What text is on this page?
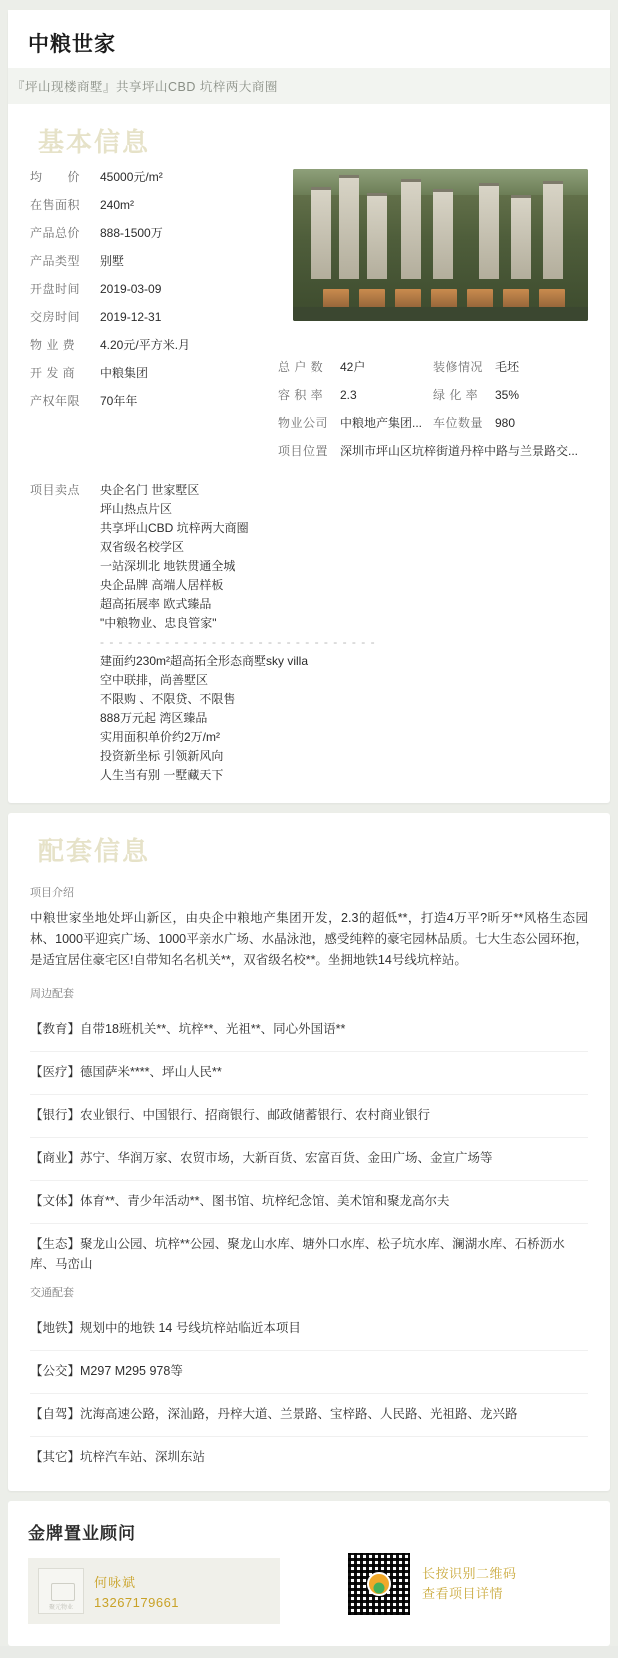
中粮世家
『坪山现楼商墅』共享坪山CBD 坑梓两大商圈
基本信息
均　　价	45000元/m²
在售面积	240m²
产品总价	888-1500万
产品类型	别墅
开盘时间	2019-03-09
交房时间	2019-12-31
物 业 费	4.20元/平方米.月
开 发 商	中粮集团
产权年限	70年年
总 户 数	42户	装修情况 毛坯
容 积 率	2.3	绿 化 率	35%
物业公司 中粮地产集团... 车位数量 980
项目位置 深圳市坪山区坑梓街道丹梓中路与兰景路交...
项目卖点	央企名门 世家墅区
坪山热点片区
共享坪山CBD 坑梓两大商圈
双省级名校学区
一站深圳北 地铁贯通全城
央企品牌 高端人居样板
超高拓展率 欧式臻品
"中粮物业、忠良管家"
- - - - - - - - - - - - - - - - - - - - - - - - - - - - - -
建面约230m²超高拓全形态商墅sky villa
空中联排，尚善墅区
不限购 、不限贷、不限售
888万元起 湾区臻品
实用面积单价约2万/m²
投资新坐标 引领新风向
人生当有别 一墅藏天下
配套信息
项目介绍
中粮世家坐地处坪山新区，由央企中粮地产集团开发，2.3的超低**，打造4万平?昕牙**风格生态园林、1000平迎宾广场、1000平亲水广场、水晶泳池，感受纯粹的豪宅园林品质。七大生态公园环抱，是适宜居住豪宅区!自带知名名机关**，双省级名校**。坐拥地铁14号线坑梓站。
周边配套
【教育】自带18班机关**、坑梓**、光祖**、同心外国语**
【医疗】德国萨米****、坪山人民**
【银行】农业银行、中国银行、招商银行、邮政储蓄银行、农村商业银行
【商业】苏宁、华润万家、农贸市场，大新百货、宏富百货、金田广场、金宣广场等
【文体】体育**、青少年活动**、图书馆、坑梓纪念馆、美术馆和聚龙高尔夫
【生态】聚龙山公园、坑梓**公园、聚龙山水库、塘外口水库、松子坑水库、澜湖水库、石桥沥水库、马峦山
交通配套
【地铁】规划中的地铁 14 号线坑梓站临近本项目
【公交】M297 M295 978等
【自驾】沈海高速公路，深汕路，丹梓大道、兰景路、宝梓路、人民路、光祖路、龙兴路
【其它】坑梓汽车站、深圳东站
金牌置业顾问
聚元物业
何咏斌
13267179661
长按识别二维码
查看项目详情
